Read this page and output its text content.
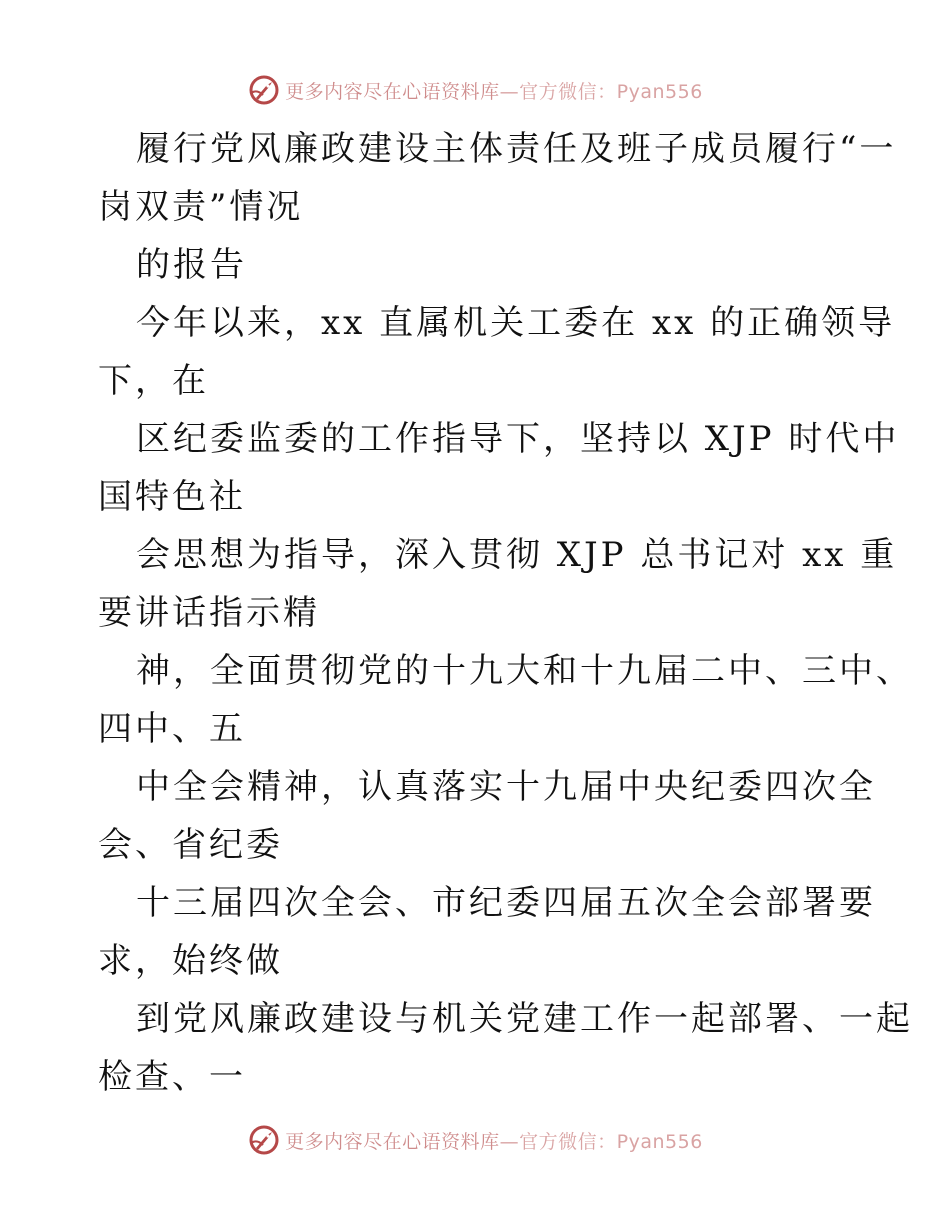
更多内容尽在心语资料库—官方微信：Pyan556
履行党风廉政建设主体责任及班子成员履行“一
岗双责”情况
的报告
今年以来，xx 直属机关工委在 xx 的正确领导
下，在
区纪委监委的工作指导下，坚持以 XJP 时代中
国特色社
会思想为指导，深入贯彻 XJP 总书记对 xx 重
要讲话指示精
神，全面贯彻党的十九大和十九届二中、三中、
四中、五
中全会精神，认真落实十九届中央纪委四次全
会、省纪委
十三届四次全会、市纪委四届五次全会部署要
求，始终做
到党风廉政建设与机关党建工作一起部署、一起
检查、一
更多内容尽在心语资料库—官方微信：Pyan556
